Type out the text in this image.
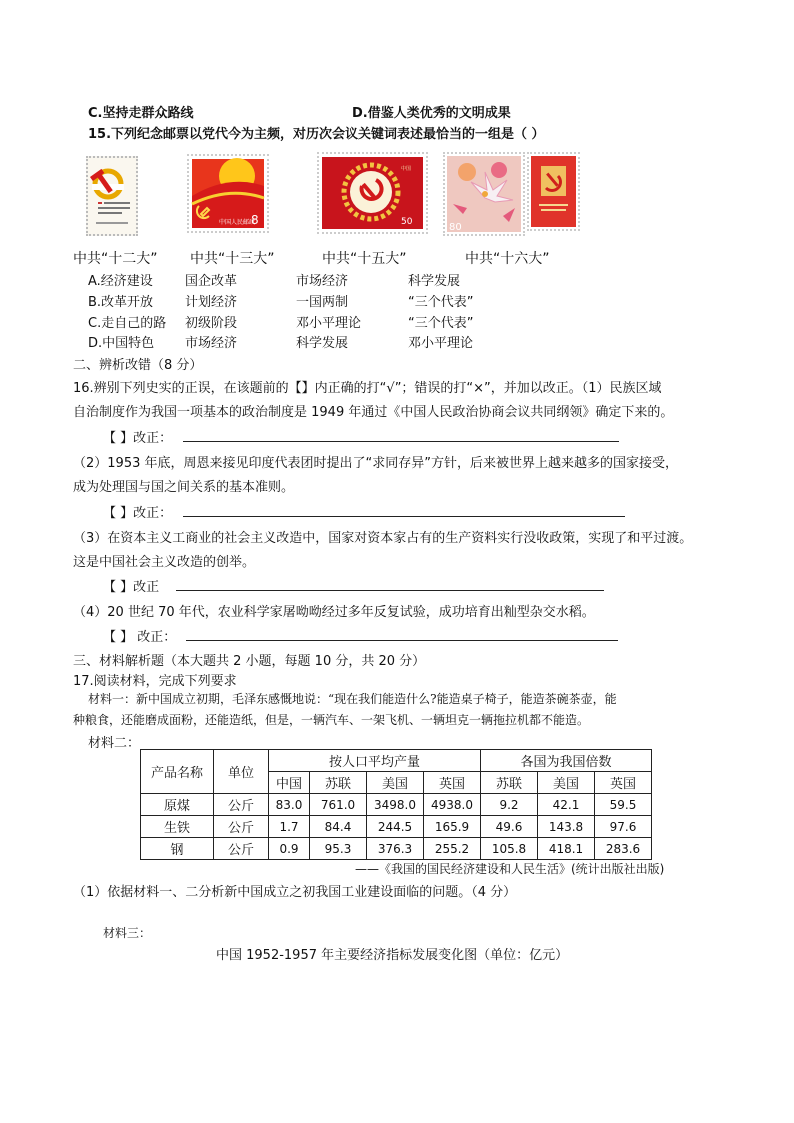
C.坚持走群众路线	D.借鉴人类优秀的文明成果
15.下列纪念邮票以党代今为主频，对历次会议关键词表述最恰当的一组是（ ）
中国人民邮政
8
中国
50	80
中共“十二大” 中共“十三大”	中共“十五大”	中共“十六大”
A.经济建设 国企改革	市场经济	科学发展
B.改革开放 计划经济	一国两制	“三个代表”
C.走自己的路 初级阶段	邓小平理论	“三个代表”
D.中国特色 市场经济	科学发展	邓小平理论
二、辨析改错（8 分）
16.辨别下列史实的正误，在该题前的【】内正确的打“√”；错误的打“×”，并加以改正。（1）民族区域
自治制度作为我国一项基本的政治制度是 1949 年通过《中国人民政治协商会议共同纲领》确定下来的。
【 】改正：
（2）1953 年底，周恩来接见印度代表团时提出了“求同存异”方针，后来被世界上越来越多的国家接受，
成为处理国与国之间关系的基本准则。
【 】改正：
（3）在资本主义工商业的社会主义改造中，国家对资本家占有的生产资料实行没收政策，实现了和平过渡。
这是中国社会主义改造的创举。
【 】改正
（4）20 世纪 70 年代，农业科学家屠呦呦经过多年反复试验，成功培育出籼型杂交水稻。
【 】 改正：
三、材料解析题（本大题共 2 小题，每题 10 分，共 20 分）
17.阅读材料，完成下列要求
材料一：新中国成立初期，毛泽东感慨地说：“现在我们能造什么?能造桌子椅子，能造茶碗茶壶，能
种粮食，还能磨成面粉，还能造纸，但是，一辆汽车、一架飞机、一辆坦克一辆拖拉机都不能造。
材料二：
产品名称	单位	按人口平均产量				各国为我国倍数		
		中国	苏联	美国	英国	苏联	美国	英国
原煤	公斤	83.0	761.0	3498.0	4938.0	9.2	42.1	59.5
生铁	公斤	1.7	84.4	244.5	165.9	49.6	143.8	97.6
钢	公斤	0.9	95.3	376.3	255.2	105.8	418.1	283.6
——《我国的国民经济建设和人民生活》(统计出版社出版)
（1）依据材料一、二分析新中国成立之初我国工业建设面临的问题。（4 分）
材料三：
中国 1952-1957 年主要经济指标发展变化图（单位：亿元）
